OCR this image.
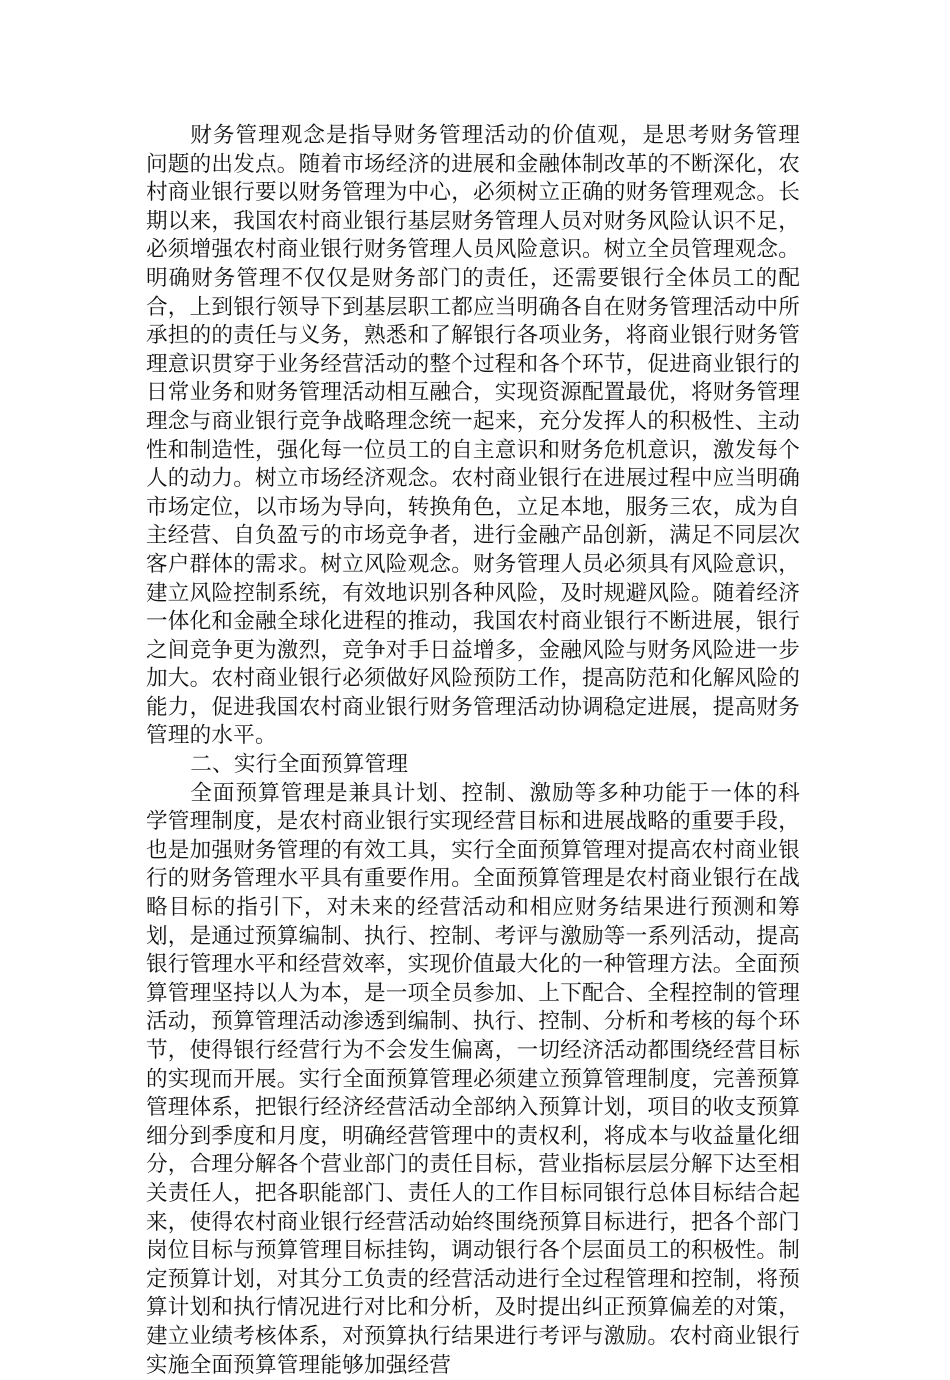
财务管理观念是指导财务管理活动的价值观，是思考财务管理问题的出发点。随着市场经济的进展和金融体制改革的不断深化，农村商业银行要以财务管理为中心，必须树立正确的财务管理观念。长期以来，我国农村商业银行基层财务管理人员对财务风险认识不足，必须增强农村商业银行财务管理人员风险意识。树立全员管理观念。明确财务管理不仅仅是财务部门的责任，还需要银行全体员工的配合，上到银行领导下到基层职工都应当明确各自在财务管理活动中所承担的的责任与义务，熟悉和了解银行各项业务，将商业银行财务管理意识贯穿于业务经营活动的整个过程和各个环节，促进商业银行的日常业务和财务管理活动相互融合，实现资源配置最优，将财务管理理念与商业银行竞争战略理念统一起来，充分发挥人的积极性、主动性和制造性，强化每一位员工的自主意识和财务危机意识，激发每个人的动力。树立市场经济观念。农村商业银行在进展过程中应当明确市场定位，以市场为导向，转换角色，立足本地，服务三农，成为自主经营、自负盈亏的市场竞争者，进行金融产品创新，满足不同层次客户群体的需求。树立风险观念。财务管理人员必须具有风险意识，建立风险控制系统，有效地识别各种风险，及时规避风险。随着经济一体化和金融全球化进程的推动，我国农村商业银行不断进展，银行之间竞争更为激烈，竞争对手日益增多，金融风险与财务风险进一步加大。农村商业银行必须做好风险预防工作，提高防范和化解风险的能力，促进我国农村商业银行财务管理活动协调稳定进展，提高财务管理的水平。

二、实行全面预算管理

全面预算管理是兼具计划、控制、激励等多种功能于一体的科学管理制度，是农村商业银行实现经营目标和进展战略的重要手段，也是加强财务管理的有效工具，实行全面预算管理对提高农村商业银行的财务管理水平具有重要作用。全面预算管理是农村商业银行在战略目标的指引下，对未来的经营活动和相应财务结果进行预测和筹划，是通过预算编制、执行、控制、考评与激励等一系列活动，提高银行管理水平和经营效率，实现价值最大化的一种管理方法。全面预算管理坚持以人为本，是一项全员参加、上下配合、全程控制的管理活动，预算管理活动渗透到编制、执行、控制、分析和考核的每个环节，使得银行经营行为不会发生偏离，一切经济活动都围绕经营目标的实现而开展。实行全面预算管理必须建立预算管理制度，完善预算管理体系，把银行经济经营活动全部纳入预算计划，项目的收支预算细分到季度和月度，明确经营管理中的责权利，将成本与收益量化细分，合理分解各个营业部门的责任目标，营业指标层层分解下达至相关责任人，把各职能部门、责任人的工作目标同银行总体目标结合起来，使得农村商业银行经营活动始终围绕预算目标进行，把各个部门岗位目标与预算管理目标挂钩，调动银行各个层面员工的积极性。制定预算计划，对其分工负责的经营活动进行全过程管理和控制，将预算计划和执行情况进行对比和分析，及时提出纠正预算偏差的对策，建立业绩考核体系，对预算执行结果进行考评与激励。农村商业银行实施全面预算管理能够加强经营
